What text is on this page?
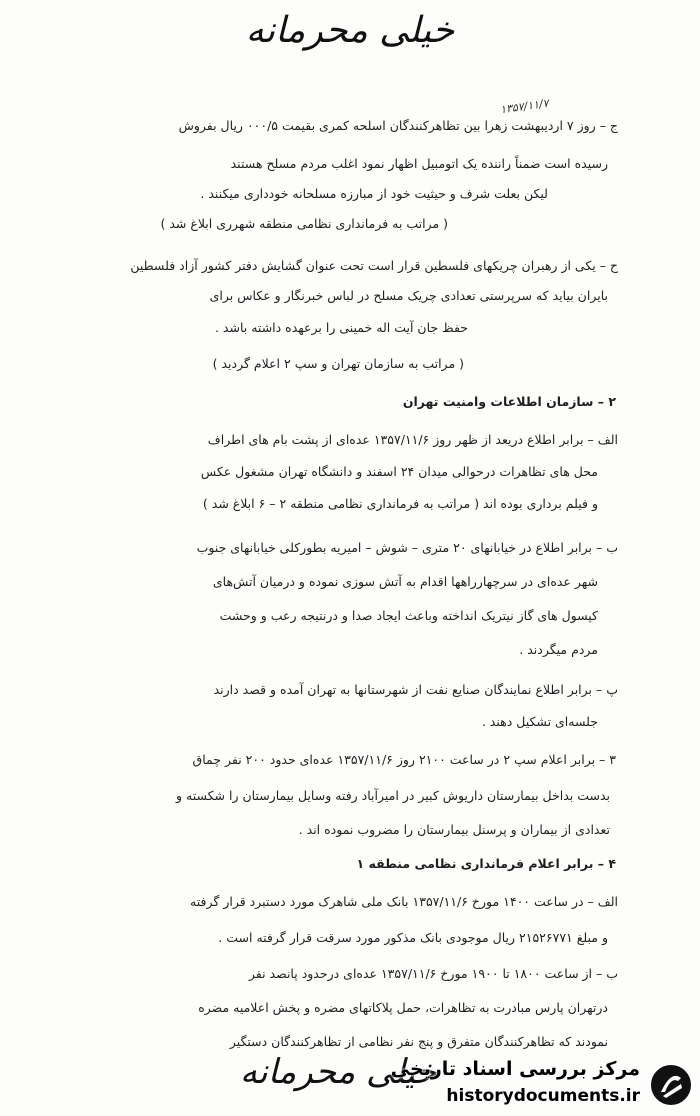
خیلی محرمانه
۱۳۵۷/۱۱/۷
ج – روز ۷ اردیبهشت زهرا بین تظاهرکنندگان اسلحه کمری بقیمت ۰۰۰/۵ ریال بفروش
رسیده است ضمناً راننده یک اتومبیل اظهار نمود اغلب مردم مسلح هستند
لیکن بعلت شرف و حیثیت خود از مبارزه مسلحانه خودداری میکنند .
( مراتب به فرمانداری نظامی منطقه شهرری ابلاغ شد )
ح – یکی از رهبران چریکهای فلسطین قرار است تحت عنوان گشایش دفتر کشور آزاد فلسطین
بایران بیاید که سرپرستی تعدادی چریک مسلح در لباس خبرنگار و عکاس برای
حفظ جان آیت اله خمینی را برعهده داشته باشد .
( مراتب به سازمان تهران و سپ ۲ اعلام گردید )
۲ – سازمان اطلاعات وامنیت تهران
الف – برابر اطلاع دریعد از ظهر روز ۱۳۵۷/۱۱/۶ عده‌ای از پشت بام های اطراف
محل های تظاهرات درحوالی میدان ۲۴ اسفند و دانشگاه تهران مشغول عکس
و فیلم برداری بوده اند ( مراتب به فرمانداری نظامی منطقه ۲ – ۶ ابلاغ شد )
ب – برابر اطلاع در خیابانهای ۲۰ متری – شوش – امیریه بطورکلی خیابانهای جنوب
شهر عده‌ای در سرچهارراهها اقدام به آتش سوزی نموده و درمیان آتش‌های
کپسول های گاز نیتریک انداخته وباعث ایجاد صدا و درنتیجه رعب و وحشت
مردم میگردند .
پ – برابر اطلاع نمایندگان صنایع نفت از شهرستانها به تهران آمده و قصد دارند
جلسه‌ای تشکیل دهند .
۳ – برابر اعلام سپ ۲ در ساعت ۲۱۰۰ روز ۱۳۵۷/۱۱/۶ عده‌ای حدود ۲۰۰ نفر چماق
بدست بداخل بیمارستان داریوش کبیر در امیرآباد رفته وسایل بیمارستان را شکسته و
تعدادی از بیماران و پرسنل بیمارستان را مضروب نموده اند .
۴ – برابر اعلام فرمانداری نظامی منطقه ۱
الف – در ساعت ۱۴۰۰ مورخ ۱۳۵۷/۱۱/۶ بانک ملی شاهرک مورد دستبرد قرار گرفته
و مبلغ ۲۱۵۲۶۷۷۱ ریال موجودی بانک مذکور مورد سرقت قرار گرفته است .
ب – از ساعت ۱۸۰۰ تا ۱۹۰۰ مورخ ۱۳۵۷/۱۱/۶ عده‌ای درحدود پانصد نفر
درتهران پارس مبادرت به تظاهرات، حمل پلاکاتهای مضره و پخش اعلامیه مضره
نمودند که تظاهرکنندگان متفرق و پنج نفر نظامی از تظاهرکنندگان دستگیر
خیلی محرمانه
مرکز بررسی اسناد تاریخی
historydocuments.ir
